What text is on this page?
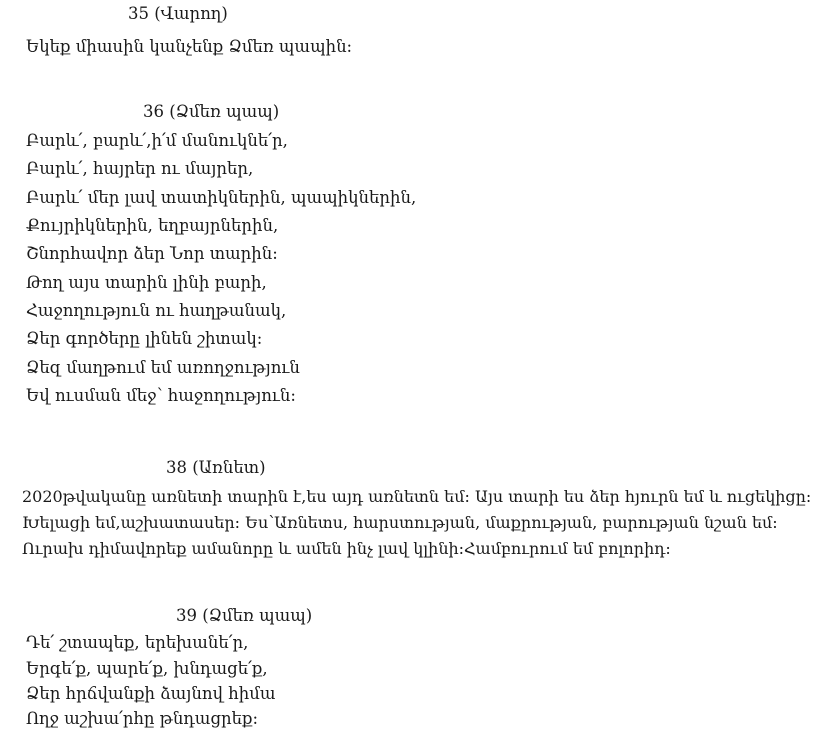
35 (Վարող)
Եկեք միասին կանչենք Ձմեռ պապին:
36 (Ձմեռ պապ)
Բարև՛, բարև՛,ի՛մ մանուկնե՛ր,
Բարև՛, հայրեր ու մայրեր,
Բարև՛ մեր լավ տատիկներին, պապիկներին,
Քույրիկներին, եղբայրներին,
Շնորհավոր ձեր Նոր տարին:
Թող այս տարին լինի բարի,
Հաջողություն ու հաղթանակ,
Ձեր գործերը լինեն շիտակ:
Ձեզ մաղթում եմ առողջություն
Եվ ուսման մեջ՝ հաջողություն:
38 (Առնետ)
2020թվականը առնետի տարին է,ես այդ առնետն եմ: Այս տարի ես ձեր հյուրն եմ և ուցեկիցը: Խելացի եմ,աշխատասեր: Ես՝Առնետս, հարստության, մաքրության, բարության նշան եմ: Ուրախ դիմավորեք ամանորը և ամեն ինչ լավ կլինի:Համբուրում եմ բոլորիդ:
39 (Ձմեռ պապ)
Դե՛ շտապեք, երեխանե՛ր,
Երգե՛ք, պարե՛ք, խնդացե՛ք,
Ձեր հրճվանքի ձայնով հիմա
Ողջ աշխա՛րհը թնդացրեք:
